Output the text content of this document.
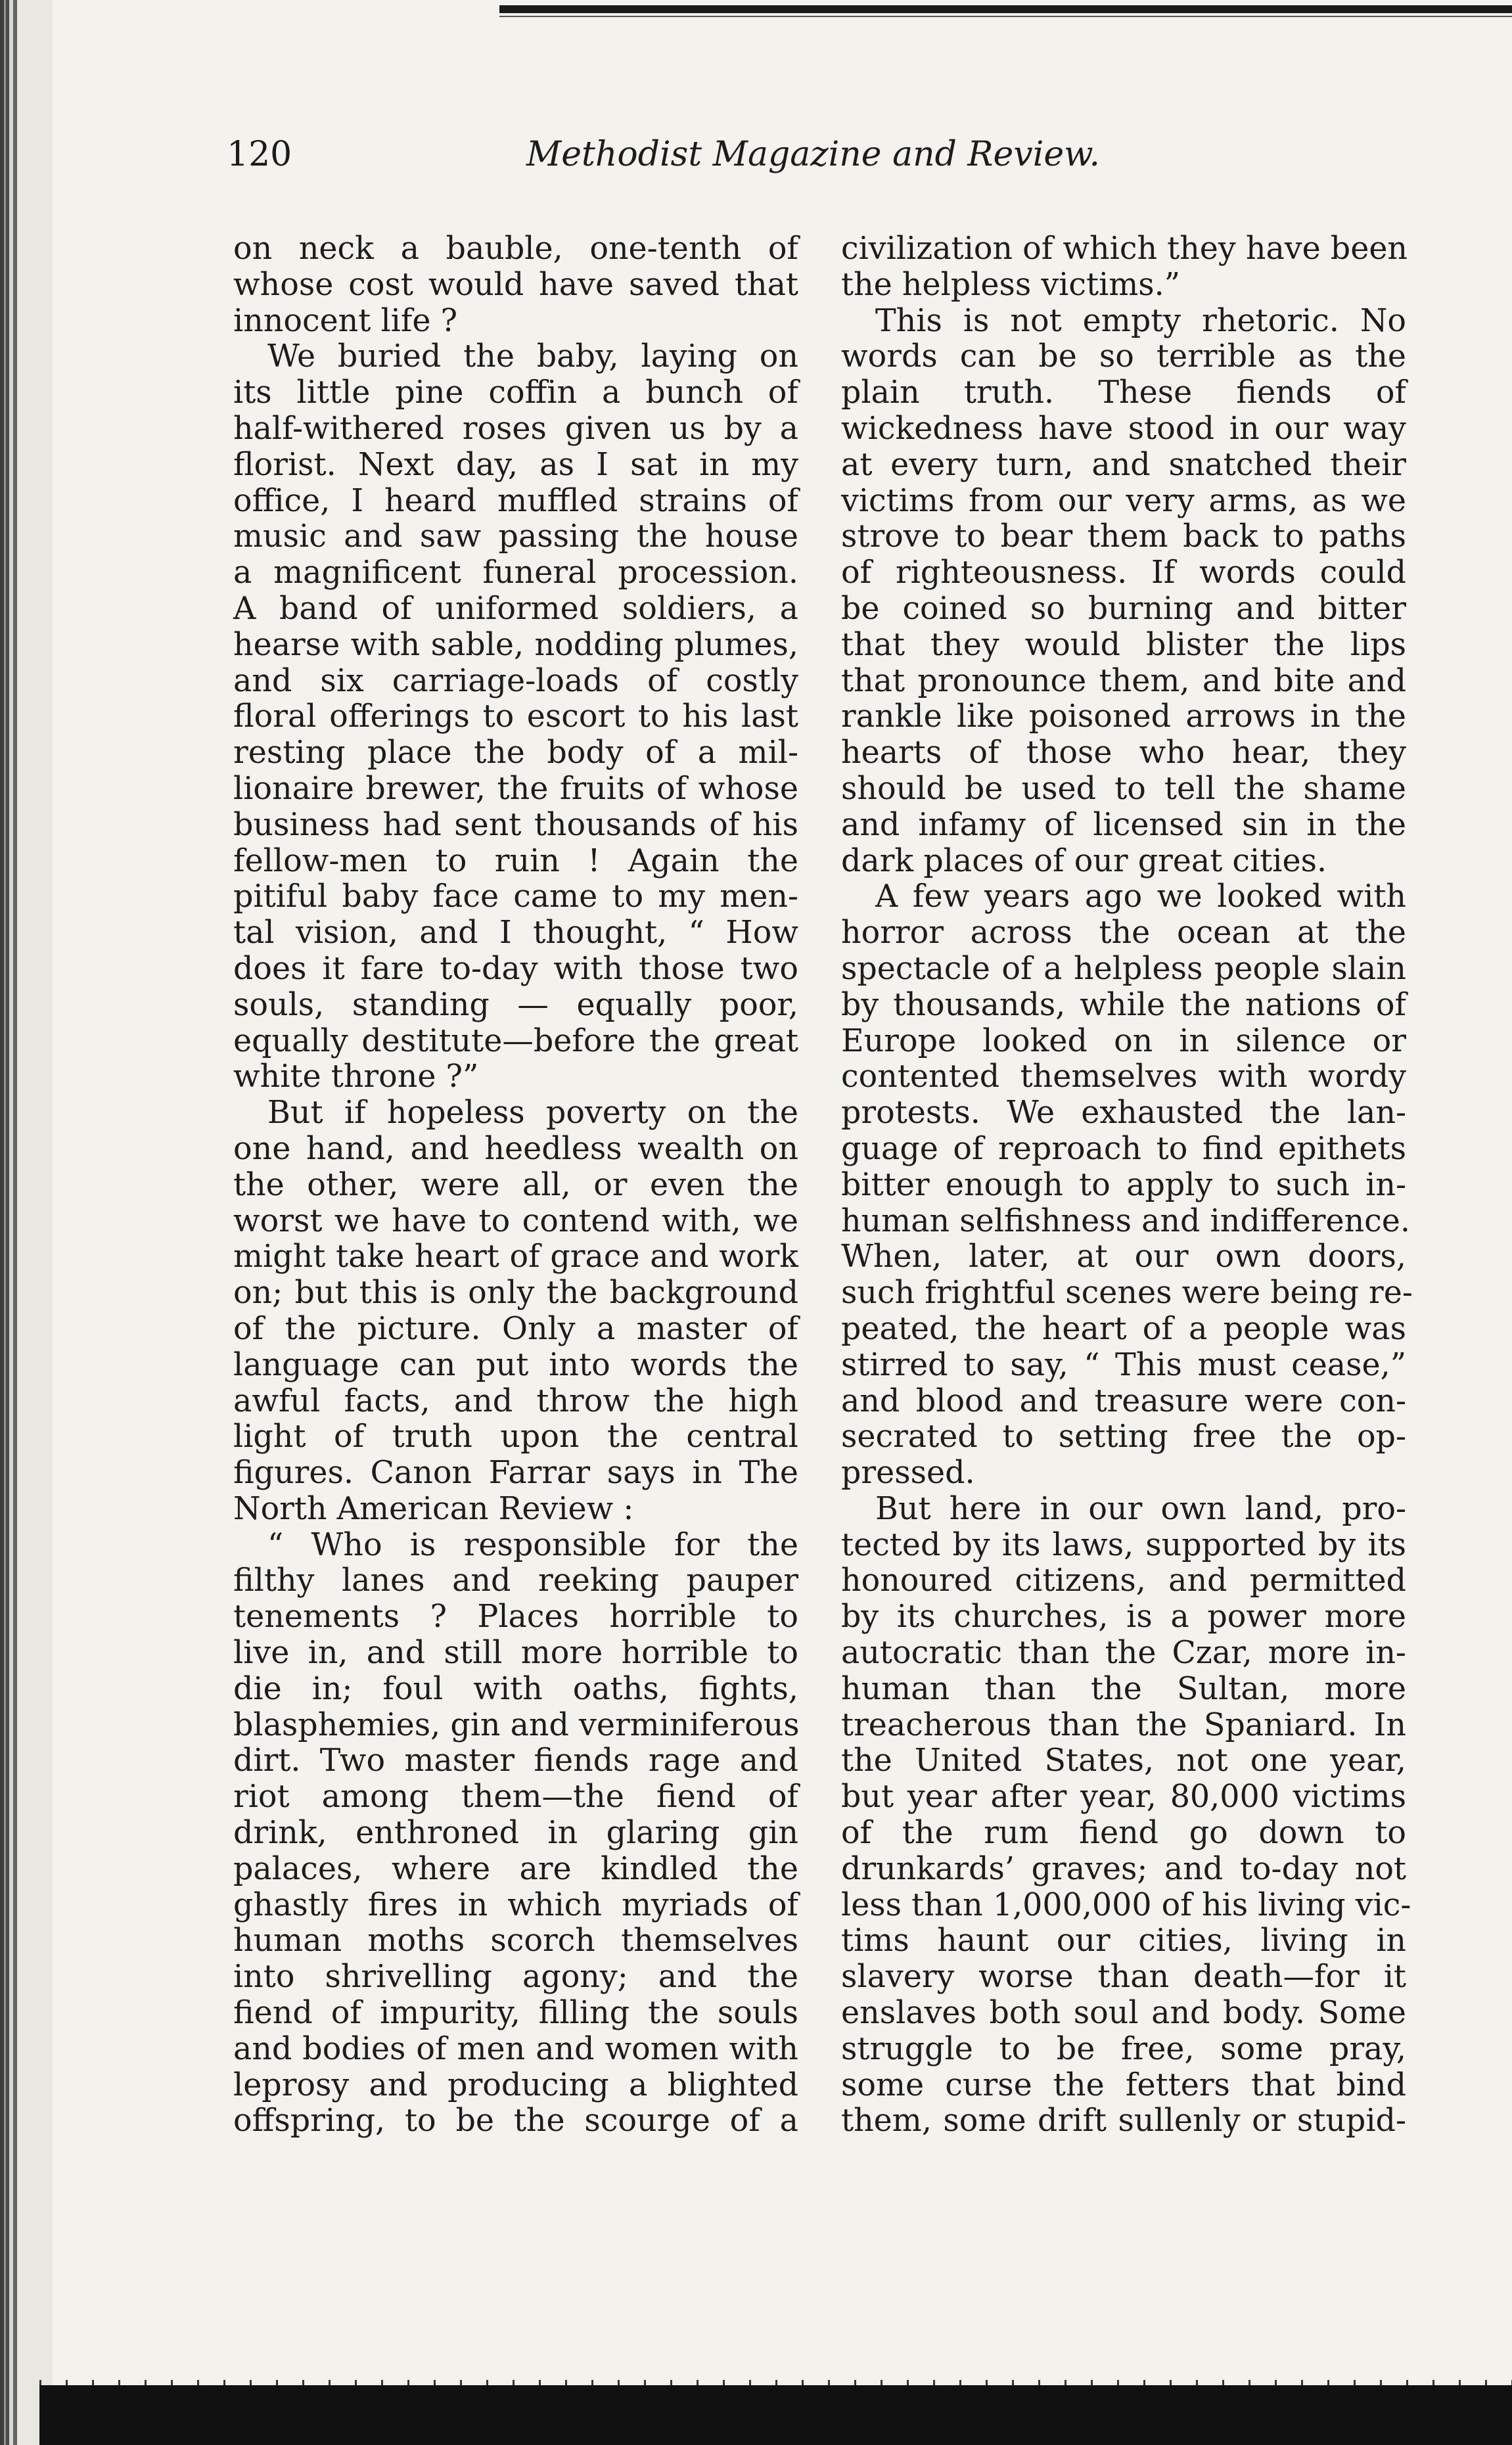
120	Methodist Magazine and Review.
on neck a bauble, one-tenth of
whose cost would have saved that
innocent life ?
We buried the baby, laying on
its little pine coffin a bunch of
half-withered roses given us by a
florist. Next day, as I sat in my
office, I heard muffled strains of
music and saw passing the house
a magnificent funeral procession.
A band of uniformed soldiers, a
hearse with sable, nodding plumes,
and six carriage-loads of costly
floral offerings to escort to his last
resting place the body of a mil-
lionaire brewer, the fruits of whose
business had sent thousands of his
fellow-men to ruin ! Again the
pitiful baby face came to my men-
tal vision, and I thought, “ How
does it fare to-day with those two
souls, standing — equally poor,
equally destitute—before the great
white throne ?”
But if hopeless poverty on the
one hand, and heedless wealth on
the other, were all, or even the
worst we have to contend with, we
might take heart of grace and work
on; but this is only the background
of the picture. Only a master of
language can put into words the
awful facts, and throw the high
light of truth upon the central
figures. Canon Farrar says in The
North American Review :
“ Who is responsible for the
filthy lanes and reeking pauper
tenements ? Places horrible to
live in, and still more horrible to
die in; foul with oaths, fights,
blasphemies, gin and verminiferous
dirt. Two master fiends rage and
riot among them—the fiend of
drink, enthroned in glaring gin
palaces, where are kindled the
ghastly fires in which myriads of
human moths scorch themselves
into shrivelling agony; and the
fiend of impurity, filling the souls
and bodies of men and women with
leprosy and producing a blighted
offspring, to be the scourge of a
civilization of which they have been
the helpless victims.”
This is not empty rhetoric. No
words can be so terrible as the
plain truth. These fiends of
wickedness have stood in our way
at every turn, and snatched their
victims from our very arms, as we
strove to bear them back to paths
of righteousness. If words could
be coined so burning and bitter
that they would blister the lips
that pronounce them, and bite and
rankle like poisoned arrows in the
hearts of those who hear, they
should be used to tell the shame
and infamy of licensed sin in the
dark places of our great cities.
A few years ago we looked with
horror across the ocean at the
spectacle of a helpless people slain
by thousands, while the nations of
Europe looked on in silence or
contented themselves with wordy
protests. We exhausted the lan-
guage of reproach to find epithets
bitter enough to apply to such in-
human selfishness and indifference.
When, later, at our own doors,
such frightful scenes were being re-
peated, the heart of a people was
stirred to say, “ This must cease,”
and blood and treasure were con-
secrated to setting free the op-
pressed.
But here in our own land, pro-
tected by its laws, supported by its
honoured citizens, and permitted
by its churches, is a power more
autocratic than the Czar, more in-
human than the Sultan, more
treacherous than the Spaniard. In
the United States, not one year,
but year after year, 80,000 victims
of the rum fiend go down to
drunkards’ graves; and to-day not
less than 1,000,000 of his living vic-
tims haunt our cities, living in
slavery worse than death—for it
enslaves both soul and body. Some
struggle to be free, some pray,
some curse the fetters that bind
them, some drift sullenly or stupid-
